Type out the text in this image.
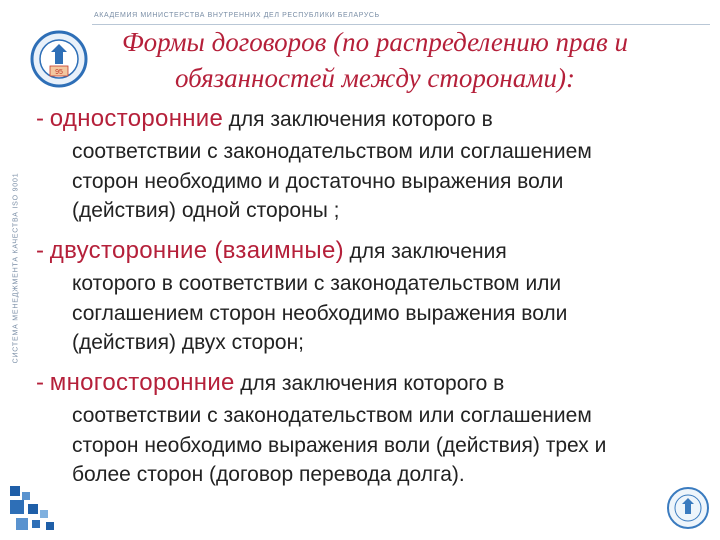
АКАДЕМИЯ МИНИСТЕРСТВА ВНУТРЕННИХ ДЕЛ РЕСПУБЛИКИ БЕЛАРУСЬ
СИСТЕМА МЕНЕДЖМЕНТА КАЧЕСТВА ISO 9001
95
Формы договоров (по распределению прав и
обязанностей между сторонами):
- односторонние для заключения которого в

соответствии с законодательством или соглашением

сторон необходимо и достаточно выражения воли

(действия) одной стороны ;

- двусторонние (взаимные) для заключения

которого в соответствии с законодательством или

соглашением сторон необходимо выражения воли

(действия) двух сторон;

- многосторонние для заключения которого в

соответствии с законодательством или соглашением

сторон необходимо выражения воли (действия) трех и

более сторон (договор перевода долга).
